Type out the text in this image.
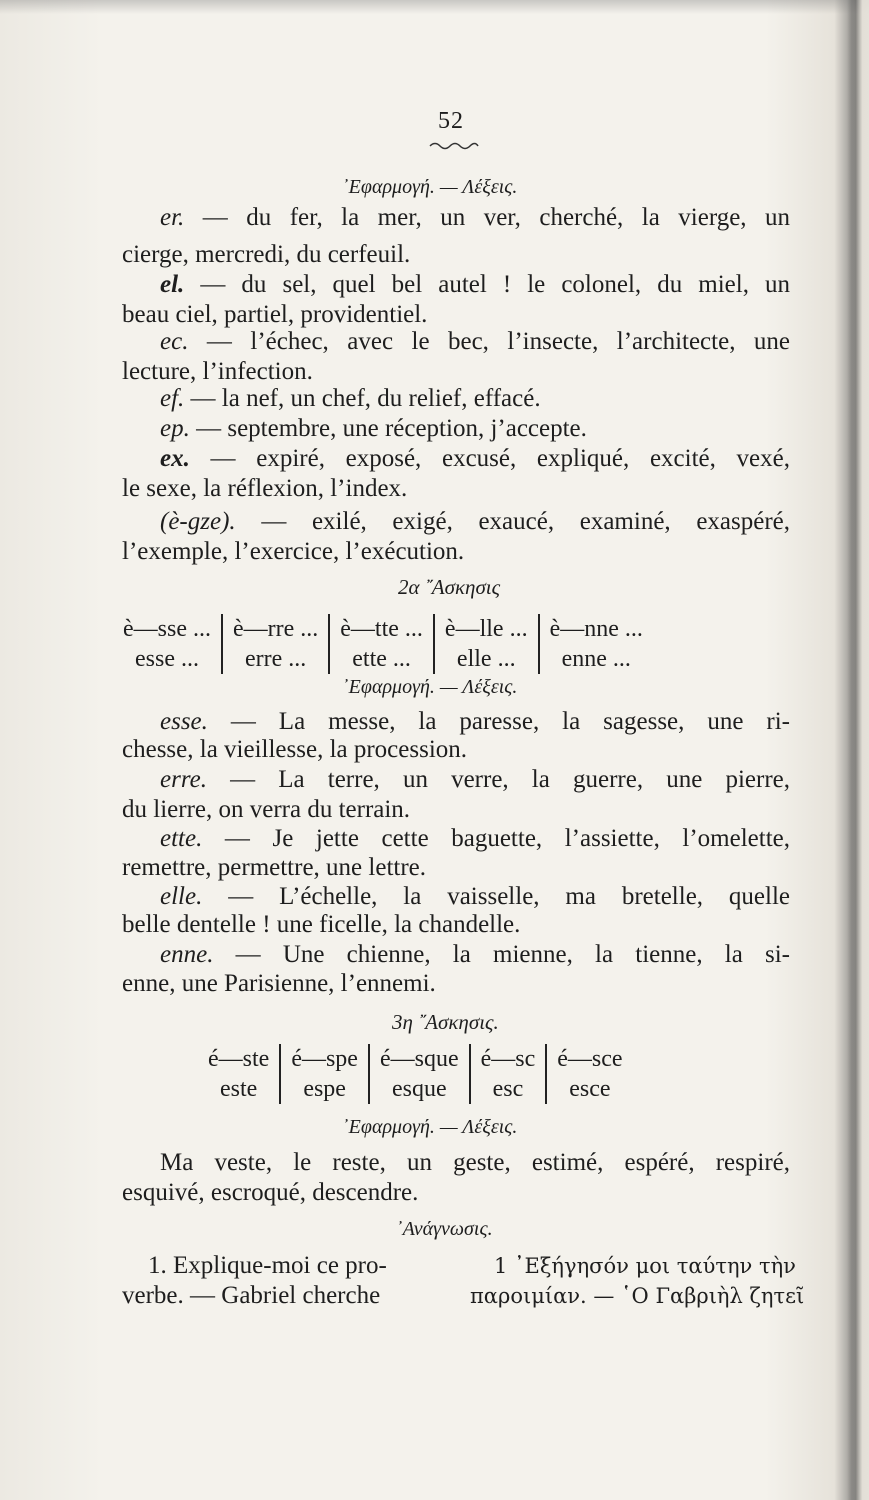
52
᾿Εφαρμογή. — Λέξεις.
er. — du fer, la mer, un ver, cherché, la vierge, un
cierge, mercredi, du cerfeuil.
el. — du sel, quel bel autel ! le colonel, du miel, un
beau ciel, partiel, providentiel.
ec. — l’échec, avec le bec, l’insecte, l’architecte, une
lecture, l’infection.
ef. — la nef, un chef, du relief, effacé.
ep. — septembre, une réception, j’accepte.
ex. — expiré, exposé, excusé, expliqué, excité, vexé,
le sexe, la réflexion, l’index.
(è-gze). — exilé, exigé, exaucé, examiné, exaspéré,
l’exemple, l’exercice, l’exécution.
2α ῎Ασκησις
è—sse ...	è—rre ...	è—tte ...	è—lle ...	è—nne ...
esse ...	erre ...	ette ...	elle ...	enne ...
᾿Εφαρμογή. — Λέξεις.
esse. — La messe, la paresse, la sagesse, une ri-
chesse, la vieillesse, la procession.
erre. — La terre, un verre, la guerre, une pierre,
du lierre, on verra du terrain.
ette. — Je jette cette baguette, l’assiette, l’omelette,
remettre, permettre, une lettre.
elle. — L’échelle, la vaisselle, ma bretelle, quelle
belle dentelle ! une ficelle, la chandelle.
enne. — Une chienne, la mienne, la tienne, la si-
enne, une Parisienne, l’ennemi.
3η ῎Ασκησις.
é—ste	é—spe	é—sque	é—sc	é—sce
este	espe	esque	esc	esce
᾿Εφαρμογή. — Λέξεις.
Ma veste, le reste, un geste, estimé, espéré, respiré,
esquivé, escroqué, descendre.
᾿Ανάγνωσις.
1. Explique-moi ce pro-
verbe. — Gabriel cherche
1 ᾿Εξήγησόν μοι ταύτην τὴν
παροιμίαν. — ῾Ο Γαβριὴλ ζητεῖ
